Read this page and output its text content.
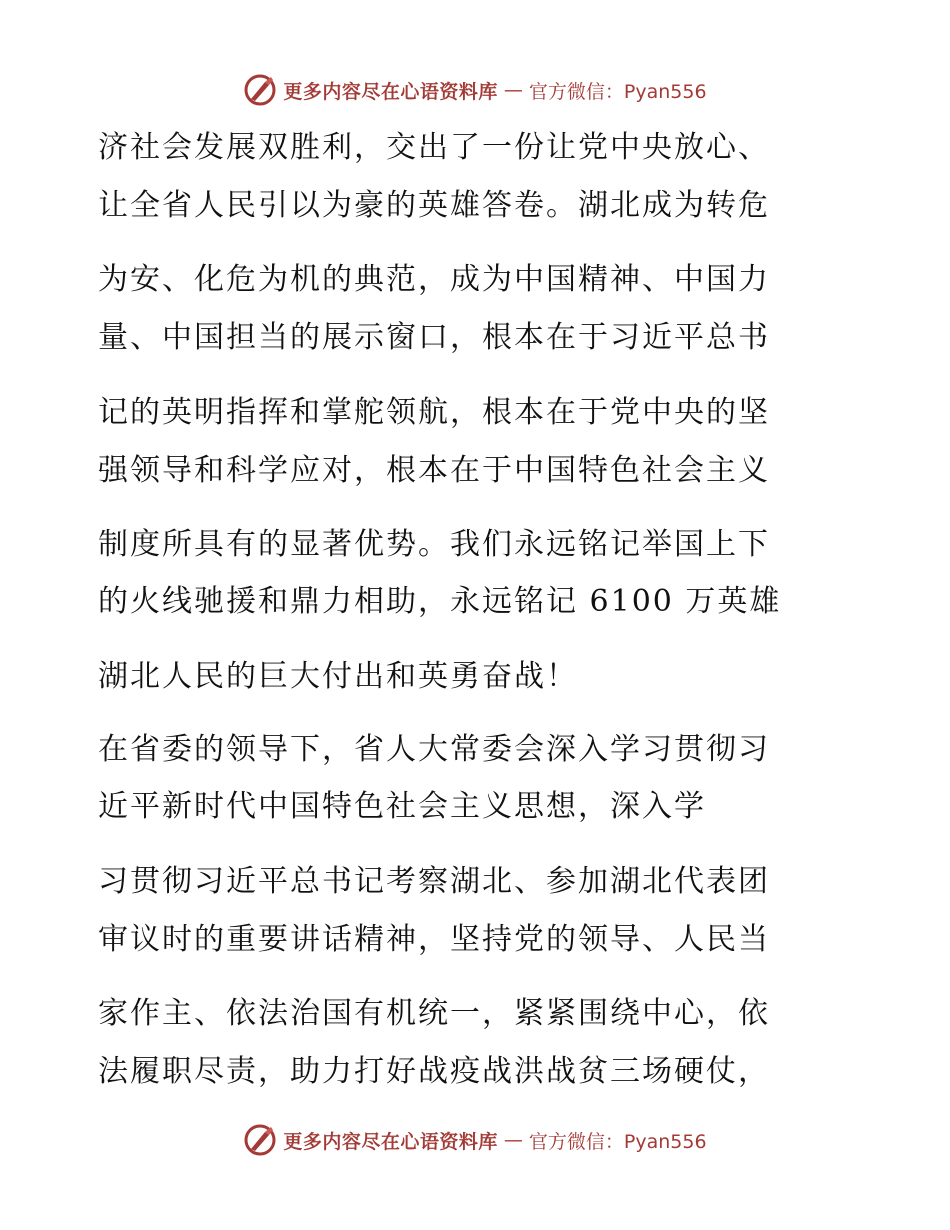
更多内容尽在心语资料库 — 官方微信：Pyan556
济社会发展双胜利，交出了一份让党中央放心、
让全省人民引以为豪的英雄答卷。湖北成为转危
为安、化危为机的典范，成为中国精神、中国力
量、中国担当的展示窗口，根本在于习近平总书
记的英明指挥和掌舵领航，根本在于党中央的坚
强领导和科学应对，根本在于中国特色社会主义
制度所具有的显著优势。我们永远铭记举国上下
的火线驰援和鼎力相助，永远铭记 6100 万英雄
湖北人民的巨大付出和英勇奋战！
在省委的领导下，省人大常委会深入学习贯彻习
近平新时代中国特色社会主义思想，深入学
习贯彻习近平总书记考察湖北、参加湖北代表团
审议时的重要讲话精神，坚持党的领导、人民当
家作主、依法治国有机统一，紧紧围绕中心，依
法履职尽责，助力打好战疫战洪战贫三场硬仗，
更多内容尽在心语资料库 — 官方微信：Pyan556
